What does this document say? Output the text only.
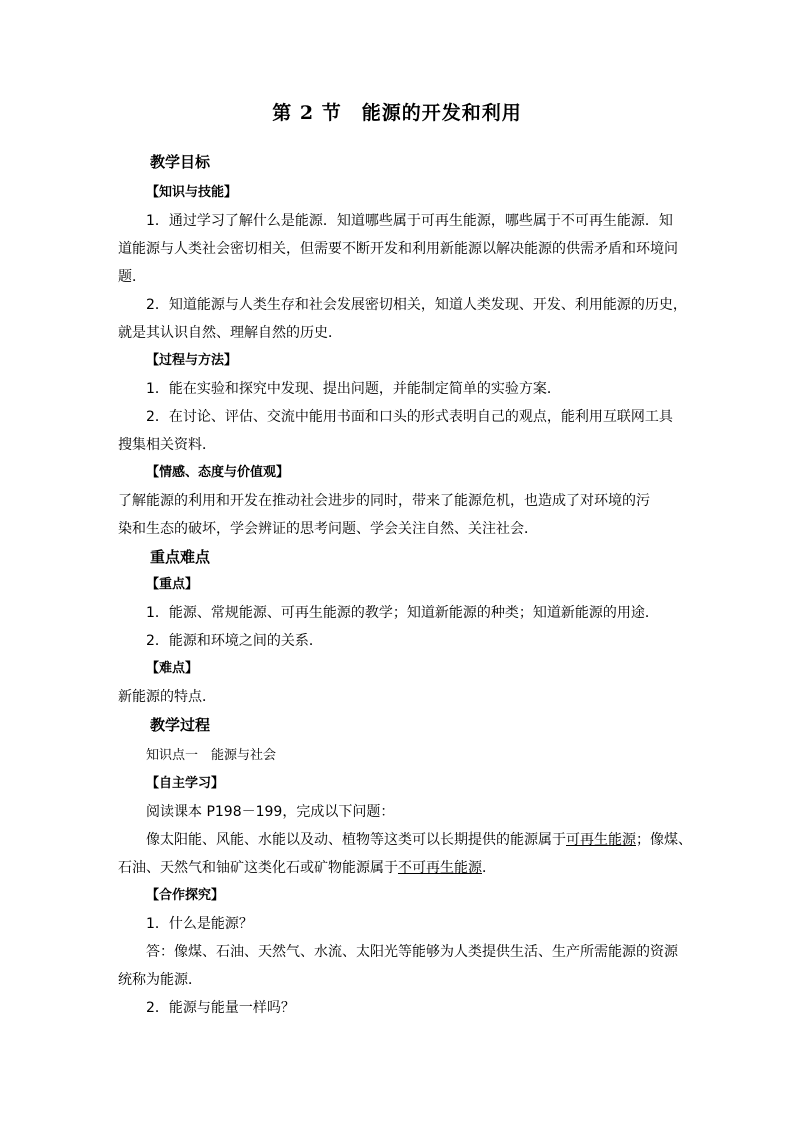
第 2 节　能源的开发和利用
教学目标
【知识与技能】
1．通过学习了解什么是能源．知道哪些属于可再生能源，哪些属于不可再生能源．知
道能源与人类社会密切相关，但需要不断开发和利用新能源以解决能源的供需矛盾和环境问
题．
2．知道能源与人类生存和社会发展密切相关，知道人类发现、开发、利用能源的历史，
就是其认识自然、理解自然的历史．
【过程与方法】
1．能在实验和探究中发现、提出问题，并能制定简单的实验方案．
2．在讨论、评估、交流中能用书面和口头的形式表明自己的观点，能利用互联网工具
搜集相关资料．
【情感、态度与价值观】
了解能源的利用和开发在推动社会进步的同时，带来了能源危机，也造成了对环境的污
染和生态的破坏，学会辨证的思考问题、学会关注自然、关注社会．
重点难点
【重点】
1．能源、常规能源、可再生能源的教学；知道新能源的种类；知道新能源的用途．
2．能源和环境之间的关系．
【难点】
新能源的特点．
教学过程
知识点一　能源与社会
【自主学习】
阅读课本 P198－199，完成以下问题：
像太阳能、风能、水能以及动、植物等这类可以长期提供的能源属于可再生能源；像煤、
石油、天然气和铀矿这类化石或矿物能源属于不可再生能源．
【合作探究】
1．什么是能源？
答：像煤、石油、天然气、水流、太阳光等能够为人类提供生活、生产所需能源的资源
统称为能源．
2．能源与能量一样吗？
